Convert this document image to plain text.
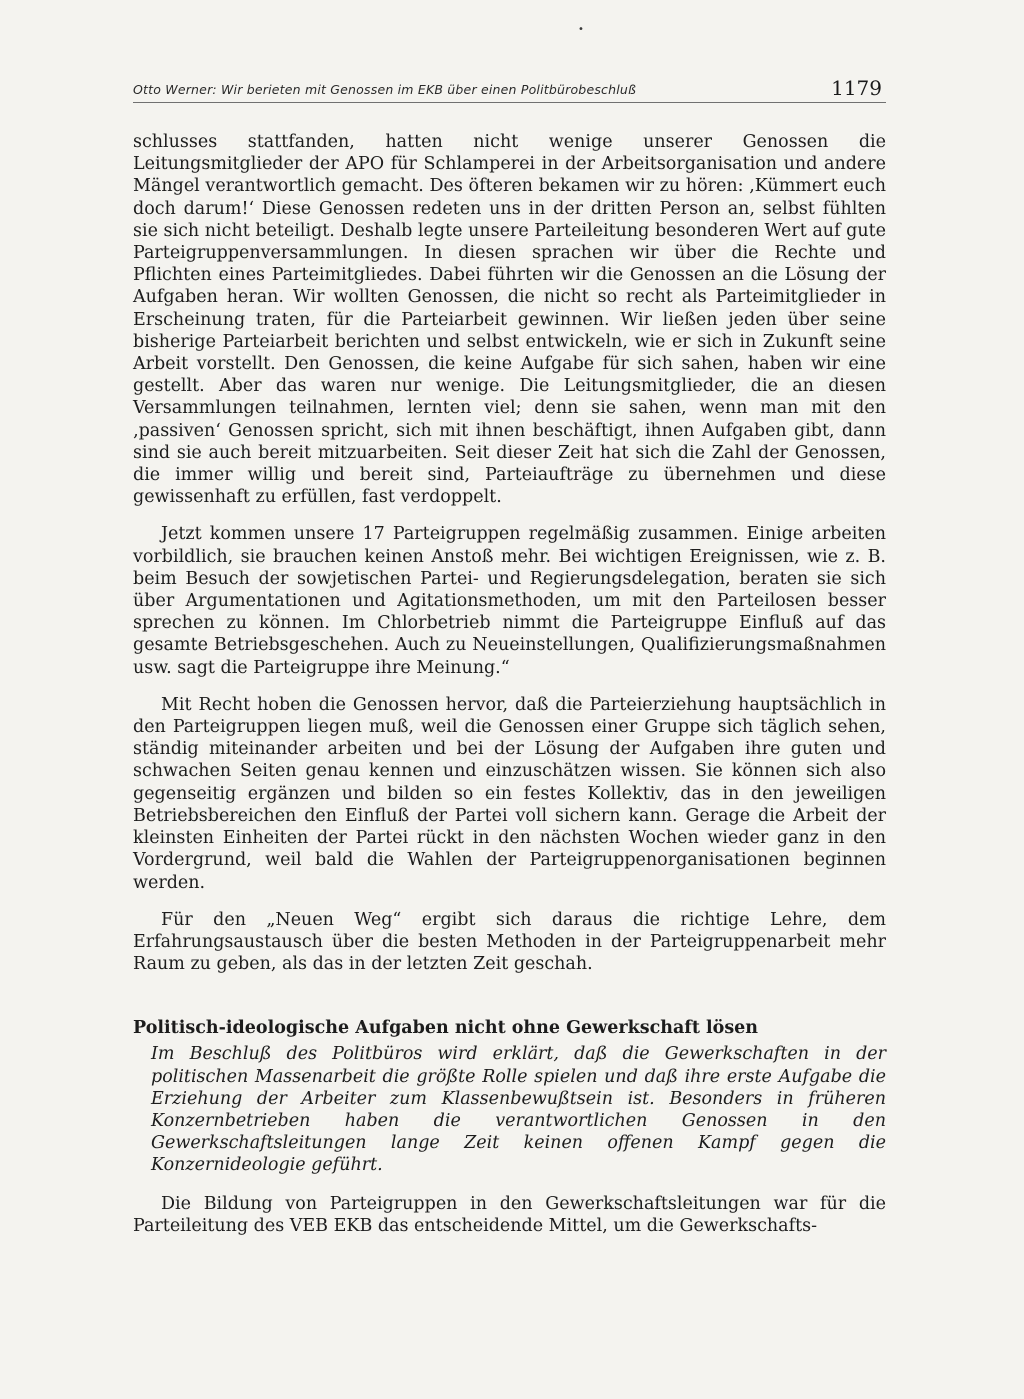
Otto Werner: Wir berieten mit Genossen im EKB über einen Politbürobeschluß	1179

schlusses stattfanden, hatten nicht wenige unserer Genossen die Leitungsmitglieder der APO für Schlamperei in der Arbeitsorganisation und andere Mängel verantwortlich gemacht. Des öfteren bekamen wir zu hören: ‚Kümmert euch doch darum!‘ Diese Genossen redeten uns in der dritten Person an, selbst fühlten sie sich nicht beteiligt. Deshalb legte unsere Parteileitung besonderen Wert auf gute Parteigruppenversammlungen. In diesen sprachen wir über die Rechte und Pflichten eines Parteimitgliedes. Dabei führten wir die Genossen an die Lösung der Aufgaben heran. Wir wollten Genossen, die nicht so recht als Parteimitglieder in Erscheinung traten, für die Parteiarbeit gewinnen. Wir ließen jeden über seine bisherige Parteiarbeit berichten und selbst entwickeln, wie er sich in Zukunft seine Arbeit vorstellt. Den Genossen, die keine Aufgabe für sich sahen, haben wir eine gestellt. Aber das waren nur wenige. Die Leitungsmitglieder, die an diesen Versammlungen teilnahmen, lernten viel; denn sie sahen, wenn man mit den ‚passiven‘ Genossen spricht, sich mit ihnen beschäftigt, ihnen Aufgaben gibt, dann sind sie auch bereit mitzuarbeiten. Seit dieser Zeit hat sich die Zahl der Genossen, die immer willig und bereit sind, Parteiaufträge zu übernehmen und diese gewissenhaft zu erfüllen, fast verdoppelt.

Jetzt kommen unsere 17 Parteigruppen regelmäßig zusammen. Einige arbeiten vorbildlich, sie brauchen keinen Anstoß mehr. Bei wichtigen Ereignissen, wie z. B. beim Besuch der sowjetischen Partei- und Regierungsdelegation, beraten sie sich über Argumentationen und Agitationsmethoden, um mit den Parteilosen besser sprechen zu können. Im Chlorbetrieb nimmt die Parteigruppe Einfluß auf das gesamte Betriebsgeschehen. Auch zu Neueinstellungen, Qualifizierungsmaßnahmen usw. sagt die Parteigruppe ihre Meinung.“

Mit Recht hoben die Genossen hervor, daß die Parteierziehung hauptsächlich in den Parteigruppen liegen muß, weil die Genossen einer Gruppe sich täglich sehen, ständig miteinander arbeiten und bei der Lösung der Aufgaben ihre guten und schwachen Seiten genau kennen und einzuschätzen wissen. Sie können sich also gegenseitig ergänzen und bilden so ein festes Kollektiv, das in den jeweiligen Betriebsbereichen den Einfluß der Partei voll sichern kann. Gerage die Arbeit der kleinsten Einheiten der Partei rückt in den nächsten Wochen wieder ganz in den Vordergrund, weil bald die Wahlen der Parteigruppenorganisationen beginnen werden.

Für den „Neuen Weg“ ergibt sich daraus die richtige Lehre, dem Erfahrungsaustausch über die besten Methoden in der Parteigruppenarbeit mehr Raum zu geben, als das in der letzten Zeit geschah.

Politisch-ideologische Aufgaben nicht ohne Gewerkschaft lösen
Im Beschluß des Politbüros wird erklärt, daß die Gewerkschaften in der politischen Massenarbeit die größte Rolle spielen und daß ihre erste Aufgabe die Erziehung der Arbeiter zum Klassenbewußtsein ist. Besonders in früheren Konzernbetrieben haben die verantwortlichen Genossen in den Gewerkschaftsleitungen lange Zeit keinen offenen Kampf gegen die Konzernideologie geführt.

Die Bildung von Parteigruppen in den Gewerkschaftsleitungen war für die Parteileitung des VEB EKB das entscheidende Mittel, um die Gewerkschafts-

•
